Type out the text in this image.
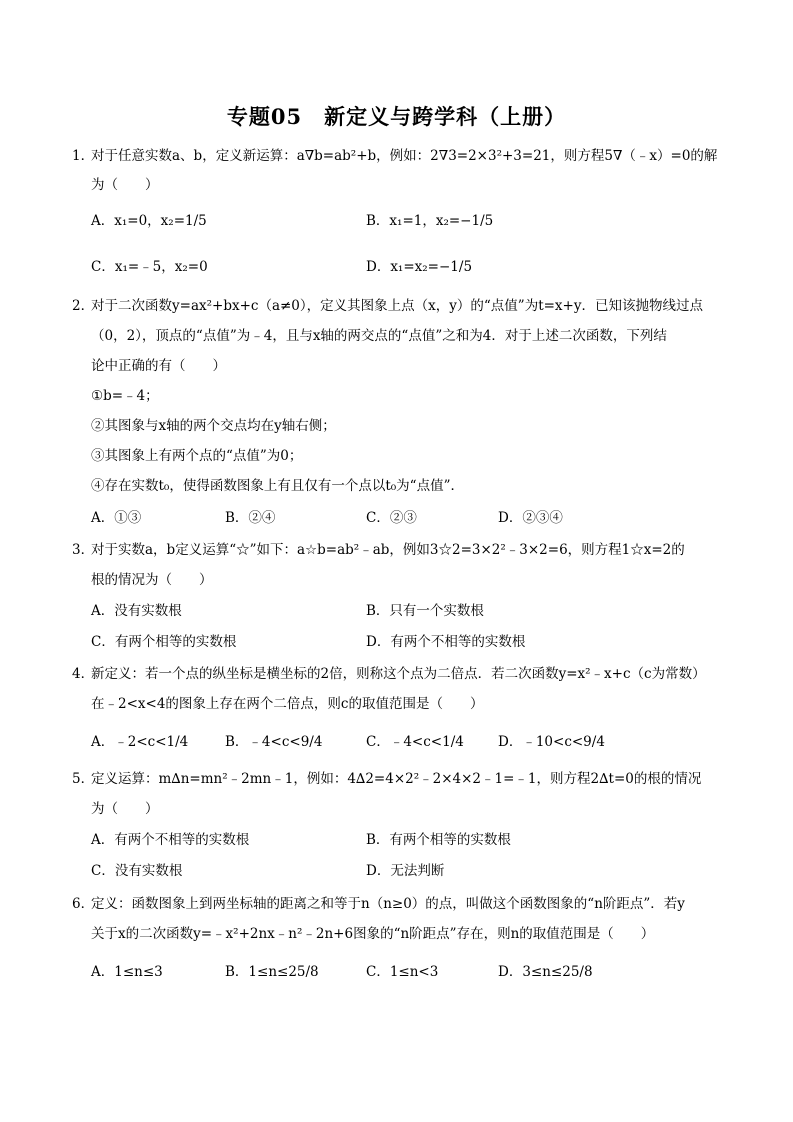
专题05　新定义与跨学科（上册）
1．
对于任意实数a、b，定义新运算：a∇b=ab²+b，例如：2∇3=2×3²+3=21，则方程5∇（﹣x）=0的解
为（　　）
A．x₁=0，x₂=1/5	B．x₁=1，x₂=−1/5
C．x₁=﹣5，x₂=0	D．x₁=x₂=−1/5
2．
对于二次函数y=ax²+bx+c（a≠0），定义其图象上点（x，y）的“点值”为t=x+y．已知该抛物线过点
（0，2），顶点的“点值”为﹣4，且与x轴的两交点的“点值”之和为4．对于上述二次函数，下列结
论中正确的有（　　）
①b=﹣4；
②其图象与x轴的两个交点均在y轴右侧；
③其图象上有两个点的“点值”为0；
④存在实数t₀，使得函数图象上有且仅有一个点以t₀为“点值”．
A．①③	B．②④	C．②③	D．②③④
3．
对于实数a，b定义运算“☆”如下：a☆b=ab²﹣ab，例如3☆2=3×2²﹣3×2=6，则方程1☆x=2的
根的情况为（　　）
A．没有实数根	B．只有一个实数根
C．有两个相等的实数根	D．有两个不相等的实数根
4．
新定义：若一个点的纵坐标是横坐标的2倍，则称这个点为二倍点．若二次函数y=x²﹣x+c（c为常数）
在﹣2<x<4的图象上存在两个二倍点，则c的取值范围是（　　）
A．﹣2<c<1/4	B．﹣4<c<9/4	C．﹣4<c<1/4	D．﹣10<c<9/4
5．
定义运算：m∆n=mn²﹣2mn﹣1，例如：4∆2=4×2²﹣2×4×2﹣1=﹣1，则方程2∆t=0的根的情况
为（　　）
A．有两个不相等的实数根	B．有两个相等的实数根
C．没有实数根	D．无法判断
6．
定义：函数图象上到两坐标轴的距离之和等于n（n≥0）的点，叫做这个函数图象的“n阶距点”．若y
关于x的二次函数y=﹣x²+2nx﹣n²﹣2n+6图象的“n阶距点”存在，则n的取值范围是（　　）
A．1≤n≤3	B．1≤n≤25/8	C．1≤n<3	D．3≤n≤25/8
